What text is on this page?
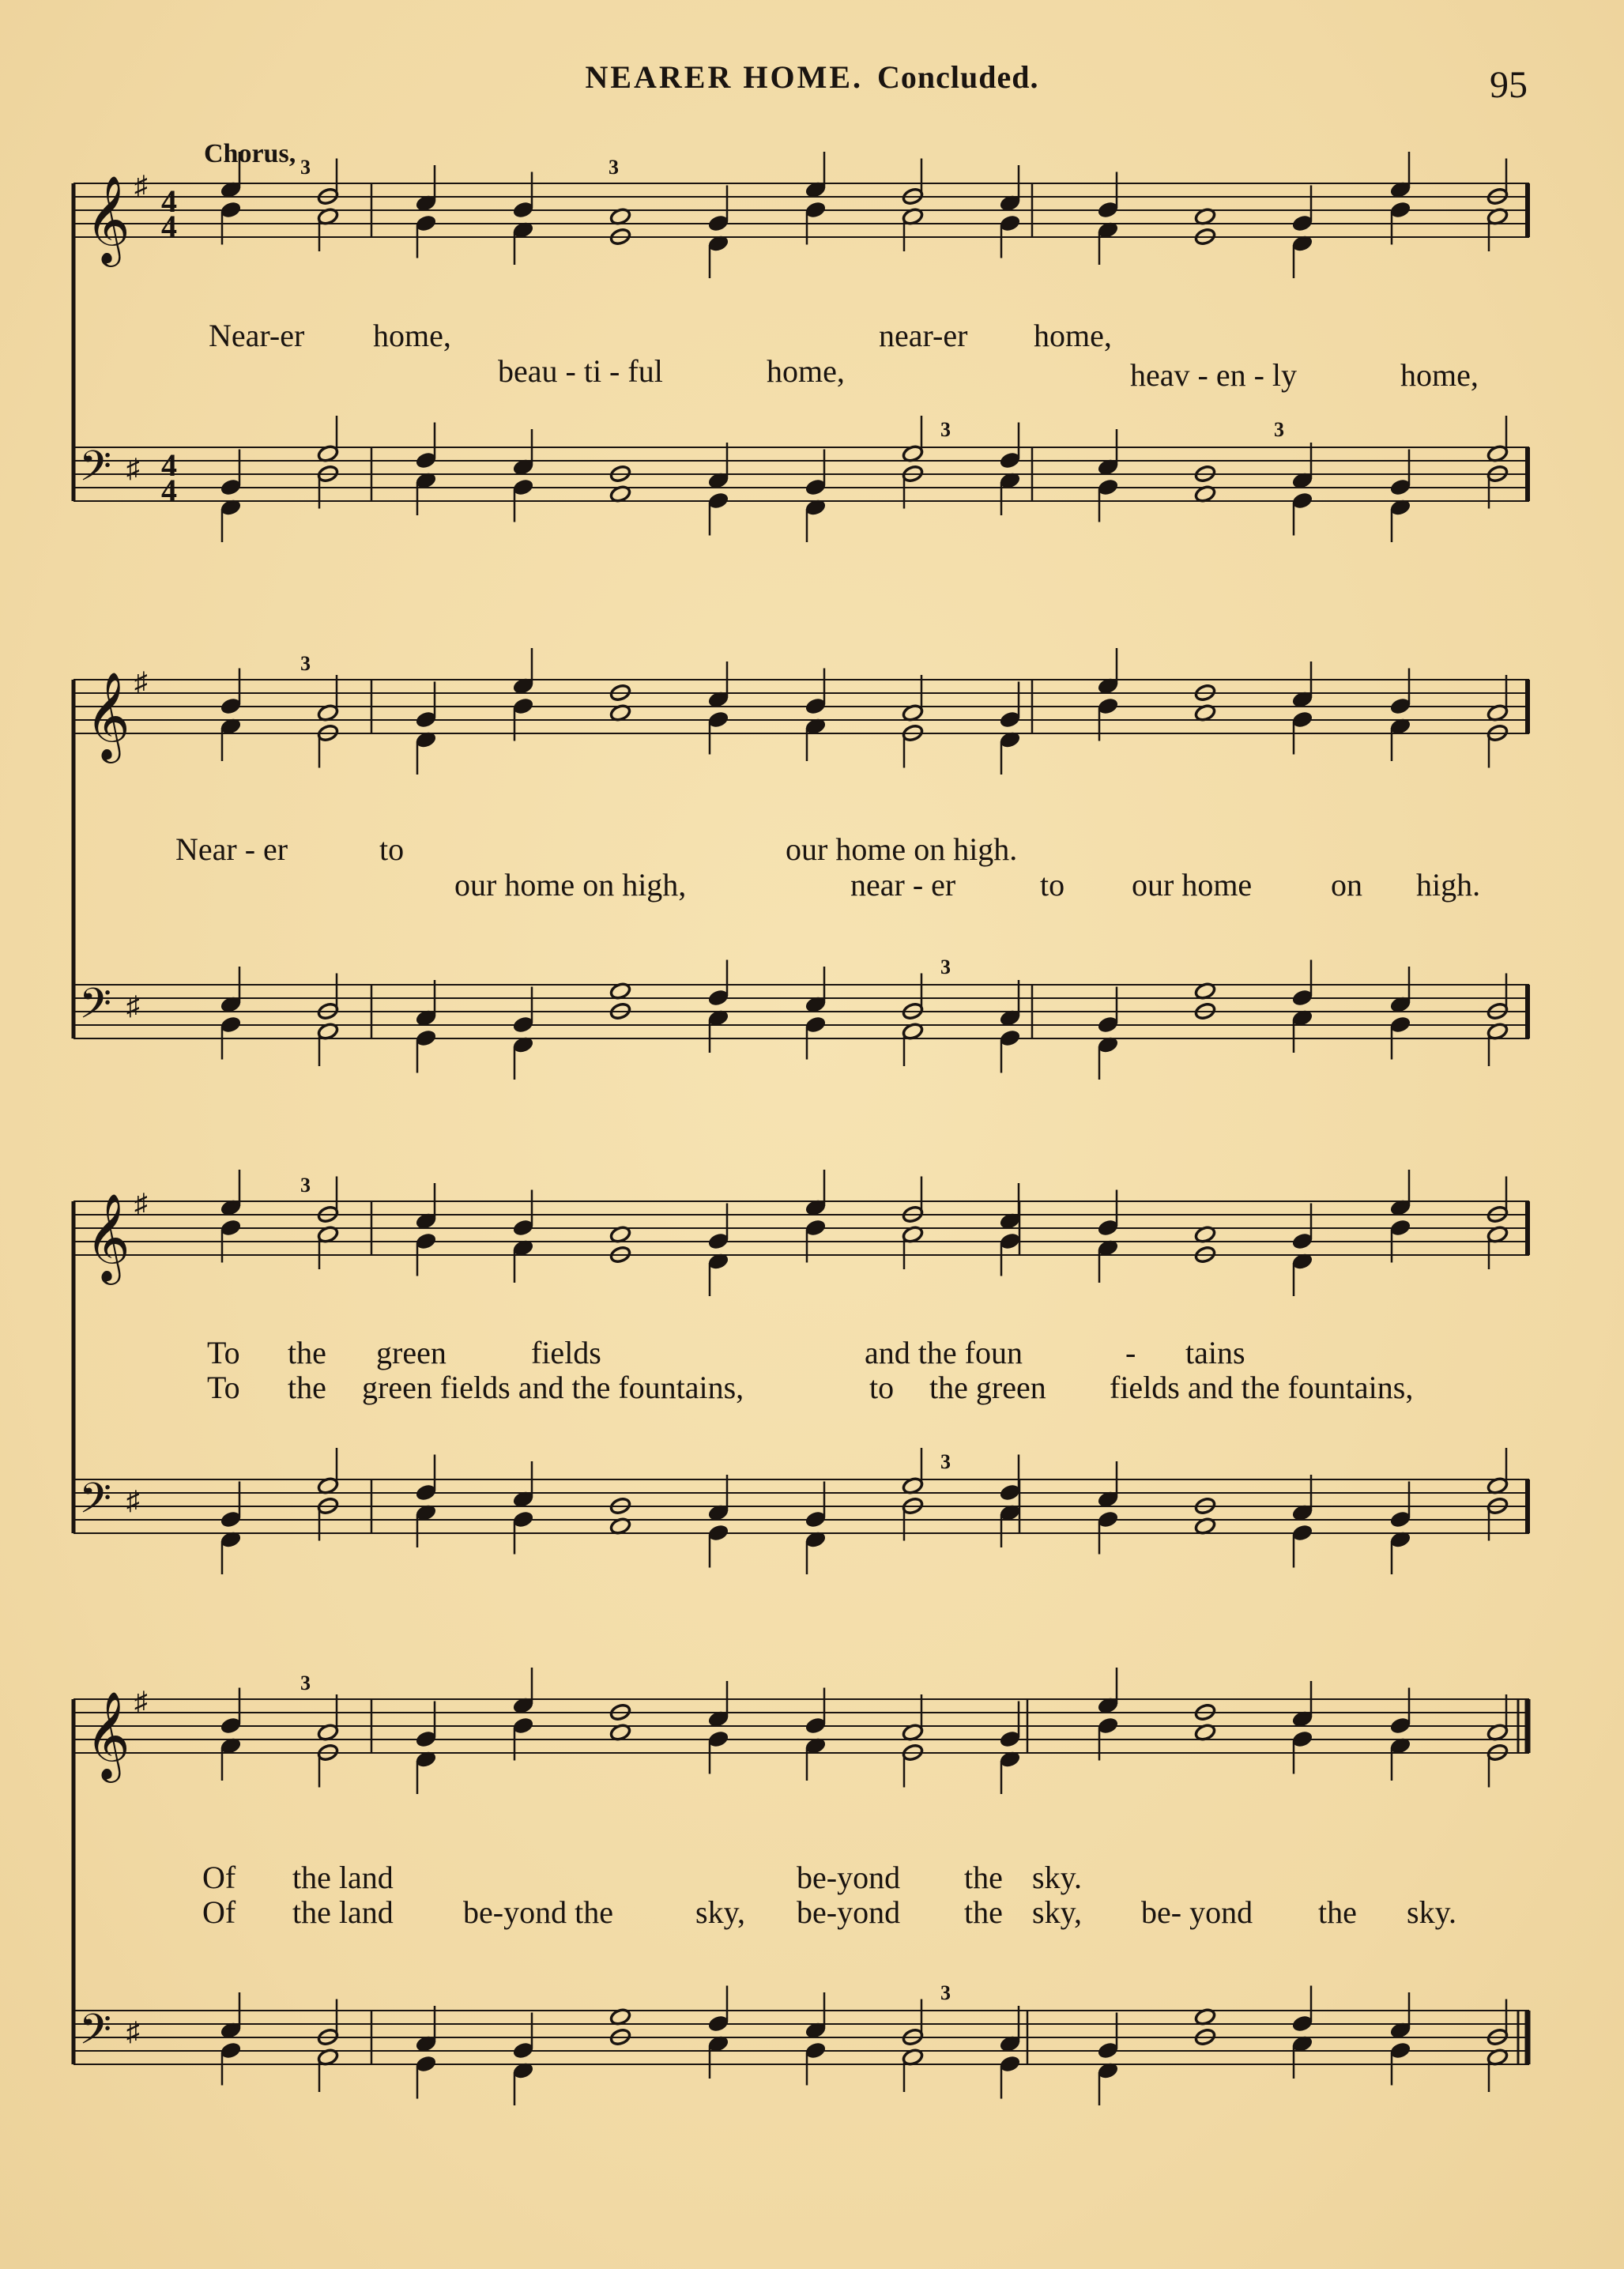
NEARER HOME. Concluded.	95
Chorus,
𝄞 ♯ 4
4
𝄢 ♯ 4
4
3
3
3
3
𝄞 ♯
𝄢 ♯
3
3
𝄞 ♯
𝄢 ♯
3
3
𝄞 ♯
𝄢 ♯
3
3
Near-er home,	near-er home,
beau - ti - ful	home,	heav - en - ly	home,
Near - er	to	our home on high.
our home on high,	near - er	to our home on high.
To the green	fields	and the foun	- tains
To the green fields and the fountains,	to the green fields and the fountains,
Of the land	be-yond the sky.
Of the land be-yond the	sky, be-yond the sky, be- yond the sky.
